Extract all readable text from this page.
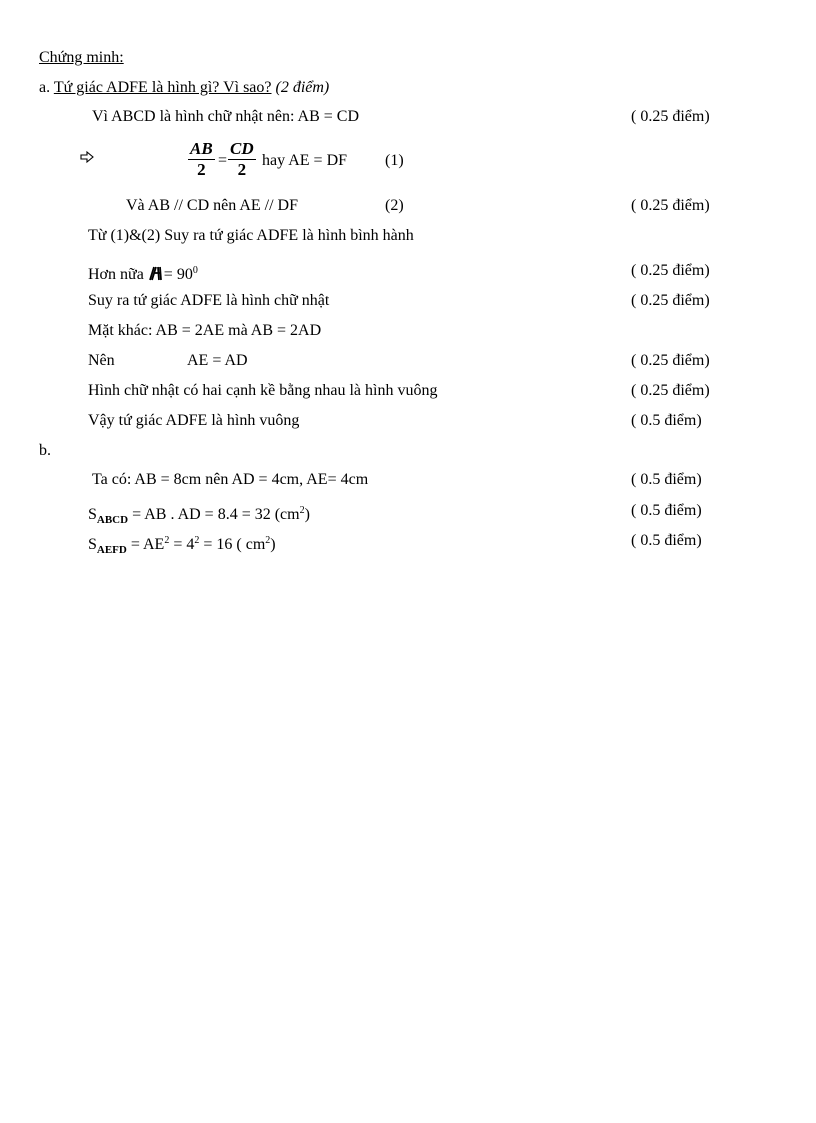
Chứng minh:
a. Tứ giác ADFE là hình gì? Vì sao? (2 điểm)
Vì ABCD là hình chữ nhật nên: AB = CD	( 0.25 điểm)
$\frac{AB}{2} = \frac{CD}{2}$ hay AE = DF (1)
Và AB // CD nên AE // DF	(2)	( 0.25 điểm)
Từ (1)&(2) Suy ra tứ giác ADFE là hình bình hành
Hơn nữa = $90^0$	( 0.25 điểm)
Suy ra tứ giác ADFE là hình chữ nhật	( 0.25 điểm)
Mặt khác: AB = 2AE mà AB = 2AD
Nên	AE = AD	( 0.25 điểm)
Hình chữ nhật có hai cạnh kề bằng nhau là hình vuông	( 0.25 điểm)
Vậy tứ giác ADFE là hình vuông	( 0.5 điểm)
b.
Ta có: AB = 8cm nên AD = 4cm, AE= 4cm	( 0.5 điểm)
$S_{ABCD}$ = AB . AD = 8.4 = 32 $(cm^2)$	( 0.5 điểm)
$S_{AEFD} = AE^2 = 4^2 = 16$ ( $cm^2$)	( 0.5 điểm)
